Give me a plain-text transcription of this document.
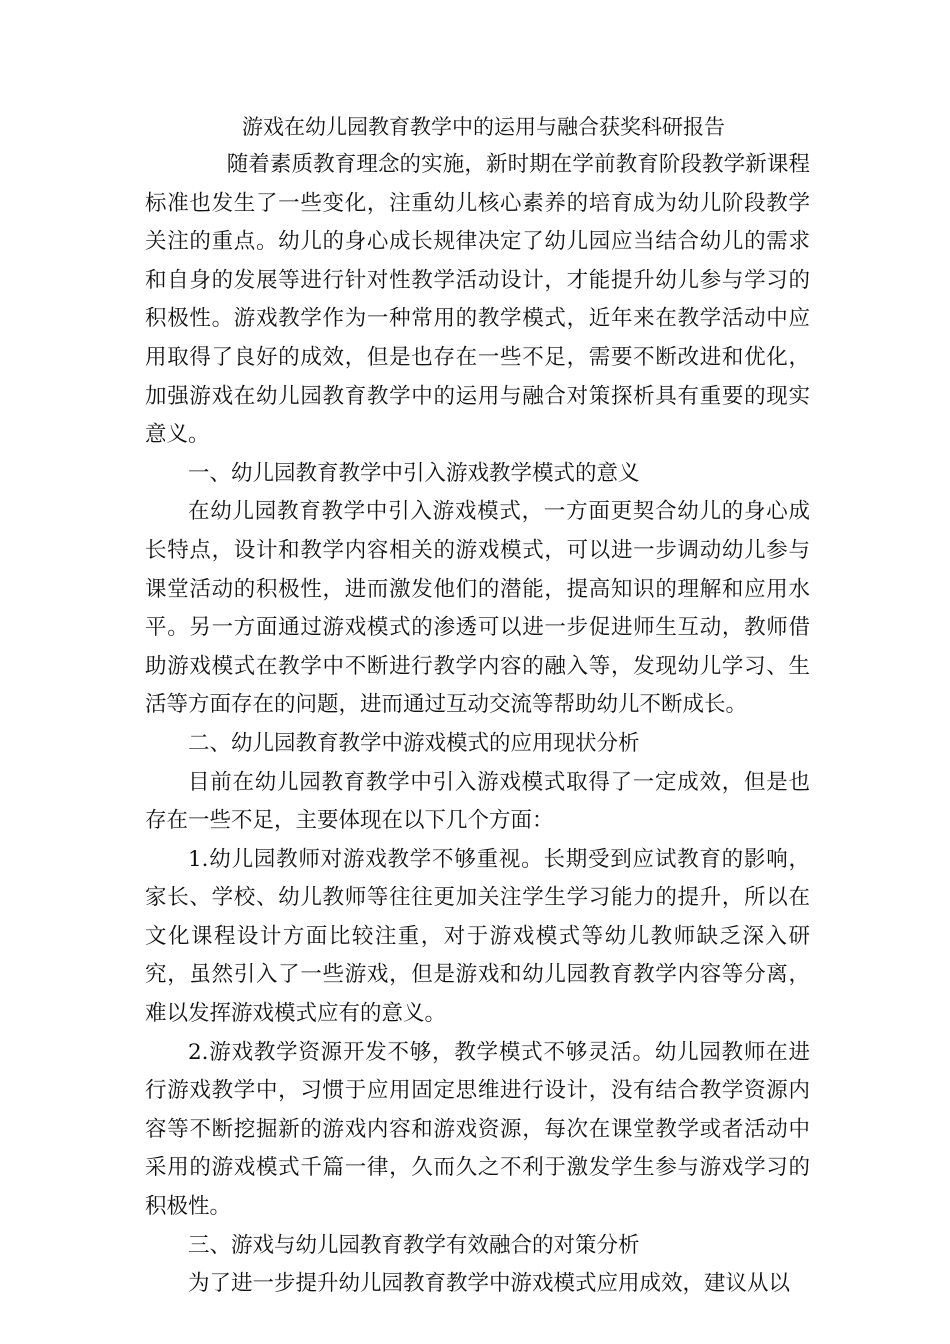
游戏在幼儿园教育教学中的运用与融合获奖科研报告

随着素质教育理念的实施，新时期在学前教育阶段教学新课程标准也发生了一些变化，注重幼儿核心素养的培育成为幼儿阶段教学关注的重点。幼儿的身心成长规律决定了幼儿园应当结合幼儿的需求和自身的发展等进行针对性教学活动设计，才能提升幼儿参与学习的积极性。游戏教学作为一种常用的教学模式，近年来在教学活动中应用取得了良好的成效，但是也存在一些不足，需要不断改进和优化，加强游戏在幼儿园教育教学中的运用与融合对策探析具有重要的现实意义。

一、幼儿园教育教学中引入游戏教学模式的意义

在幼儿园教育教学中引入游戏模式，一方面更契合幼儿的身心成长特点，设计和教学内容相关的游戏模式，可以进一步调动幼儿参与课堂活动的积极性，进而激发他们的潜能，提高知识的理解和应用水平。另一方面通过游戏模式的渗透可以进一步促进师生互动，教师借助游戏模式在教学中不断进行教学内容的融入等，发现幼儿学习、生活等方面存在的问题，进而通过互动交流等帮助幼儿不断成长。

二、幼儿园教育教学中游戏模式的应用现状分析

目前在幼儿园教育教学中引入游戏模式取得了一定成效，但是也存在一些不足，主要体现在以下几个方面：

1.幼儿园教师对游戏教学不够重视。长期受到应试教育的影响，家长、学校、幼儿教师等往往更加关注学生学习能力的提升，所以在文化课程设计方面比较注重，对于游戏模式等幼儿教师缺乏深入研究，虽然引入了一些游戏，但是游戏和幼儿园教育教学内容等分离，难以发挥游戏模式应有的意义。

2.游戏教学资源开发不够，教学模式不够灵活。幼儿园教师在进行游戏教学中，习惯于应用固定思维进行设计，没有结合教学资源内容等不断挖掘新的游戏内容和游戏资源，每次在课堂教学或者活动中采用的游戏模式千篇一律，久而久之不利于激发学生参与游戏学习的积极性。

三、游戏与幼儿园教育教学有效融合的对策分析

为了进一步提升幼儿园教育教学中游戏模式应用成效，建议从以
